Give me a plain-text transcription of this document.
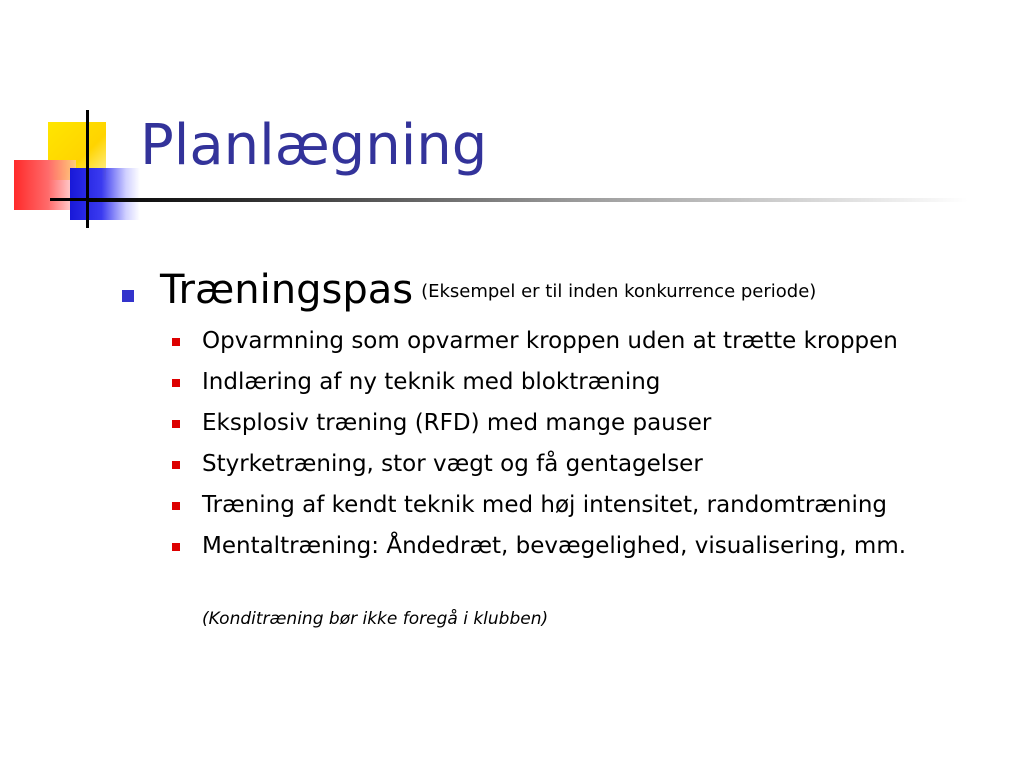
Planlægning
Træningspas (Eksempel er til inden konkurrence periode)
Opvarmning som opvarmer kroppen uden at trætte kroppen
Indlæring af ny teknik med bloktræning
Eksplosiv træning (RFD) med mange pauser
Styrketræning, stor vægt og få gentagelser
Træning af kendt teknik med høj intensitet, randomtræning
Mentaltræning: Åndedræt, bevægelighed, visualisering, mm.
(Konditræning bør ikke foregå i klubben)
